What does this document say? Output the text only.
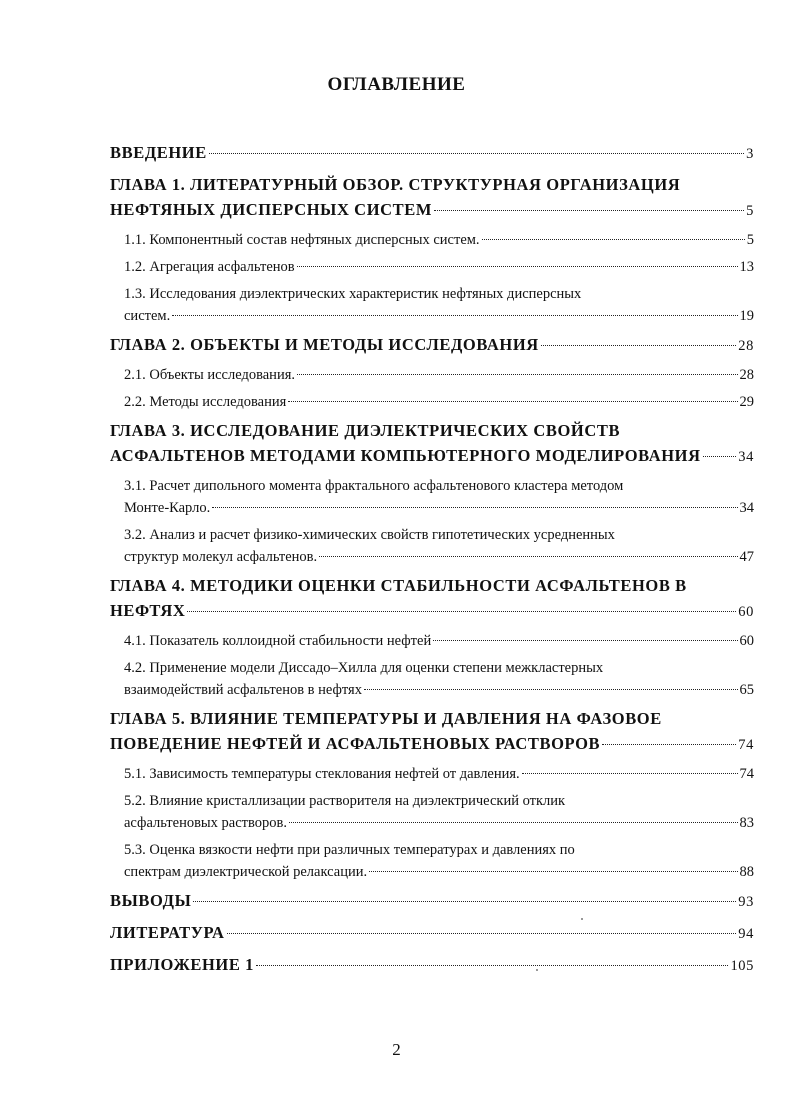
ОГЛАВЛЕНИЕ
ВВЕДЕНИЕ	3
ГЛАВА 1. ЛИТЕРАТУРНЫЙ ОБЗОР. СТРУКТУРНАЯ ОРГАНИЗАЦИЯ
НЕФТЯНЫХ ДИСПЕРСНЫХ СИСТЕМ	5
1.1. Компонентный состав нефтяных дисперсных систем.	5
1.2. Агрегация асфальтенов	13
1.3. Исследования диэлектрических характеристик нефтяных дисперсных
систем.	19
ГЛАВА 2. ОБЪЕКТЫ И МЕТОДЫ ИССЛЕДОВАНИЯ	28
2.1. Объекты исследования.	28
2.2. Методы исследования	29
ГЛАВА 3. ИССЛЕДОВАНИЕ ДИЭЛЕКТРИЧЕСКИХ СВОЙСТВ
АСФАЛЬТЕНОВ МЕТОДАМИ КОМПЬЮТЕРНОГО МОДЕЛИРОВАНИЯ	34
3.1. Расчет дипольного момента фрактального асфальтенового кластера методом
Монте-Карло.	34
3.2. Анализ и расчет физико-химических свойств гипотетических усредненных
структур молекул асфальтенов.	47
ГЛАВА 4. МЕТОДИКИ ОЦЕНКИ СТАБИЛЬНОСТИ АСФАЛЬТЕНОВ В
НЕФТЯХ	60
4.1. Показатель коллоидной стабильности нефтей	60
4.2. Применение модели Диссадо–Хилла для оценки степени межкластерных
взаимодействий асфальтенов в нефтях	65
ГЛАВА 5. ВЛИЯНИЕ ТЕМПЕРАТУРЫ И ДАВЛЕНИЯ НА ФАЗОВОЕ
ПОВЕДЕНИЕ НЕФТЕЙ И АСФАЛЬТЕНОВЫХ РАСТВОРОВ	74
5.1. Зависимость температуры стеклования нефтей от давления.	74
5.2. Влияние кристаллизации растворителя на диэлектрический отклик
асфальтеновых растворов.	83
5.3. Оценка вязкости нефти при различных температурах и давлениях по
спектрам диэлектрической релаксации.	88
ВЫВОДЫ	93
ЛИТЕРАТУРА	94
ПРИЛОЖЕНИЕ 1	105
2
